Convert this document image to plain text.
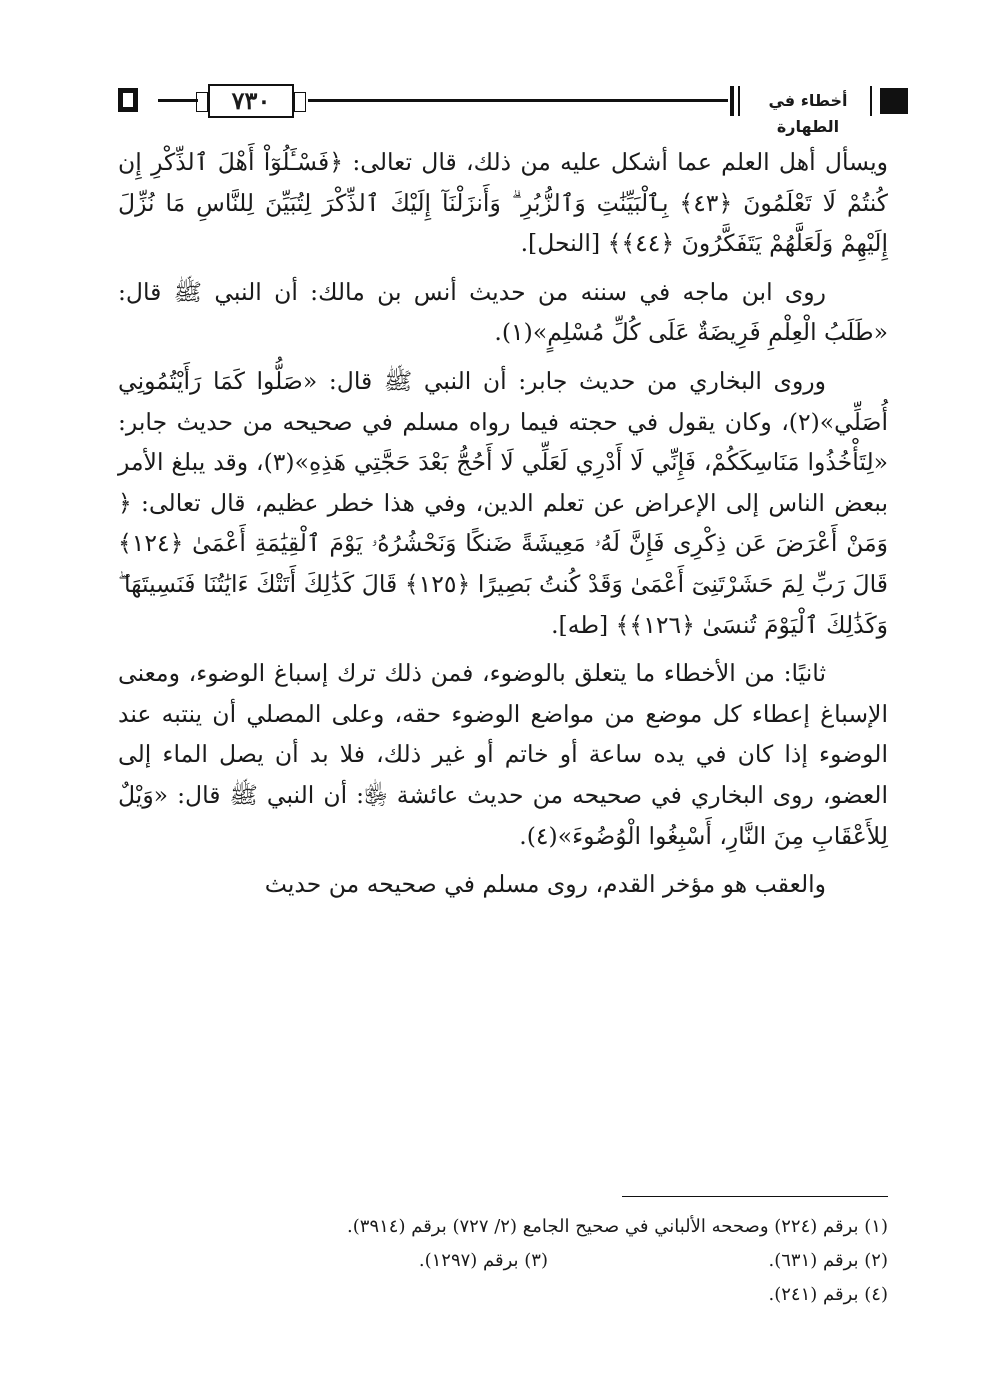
٧٣٠	أخطاء في الطهارة

ويسأل أهل العلم عما أشكل عليه من ذلك، قال تعالى: ﴿فَسْـَٔلُوٓاْ أَهْلَ ٱلذِّكْرِ إِن كُنتُمْ لَا تَعْلَمُونَ ﴿٤٣﴾ بِٱلْبَيِّنَٰتِ وَٱلزُّبُرِ ۗ وَأَنزَلْنَآ إِلَيْكَ ٱلذِّكْرَ لِتُبَيِّنَ لِلنَّاسِ مَا نُزِّلَ إِلَيْهِمْ وَلَعَلَّهُمْ يَتَفَكَّرُونَ ﴿٤٤﴾﴾ [النحل].

روى ابن ماجه في سننه من حديث أنس بن مالك: أن النبي ﷺ قال: «طَلَبُ الْعِلْمِ فَرِيضَةٌ عَلَى كُلِّ مُسْلِمٍ»(١).

وروى البخاري من حديث جابر: أن النبي ﷺ قال: «صَلُّوا كَمَا رَأَيْتُمُونِي أُصَلِّي»(٢)، وكان يقول في حجته فيما رواه مسلم في صحيحه من حديث جابر: «لِتَأْخُذُوا مَنَاسِكَكُمْ، فَإِنِّي لَا أَدْرِي لَعَلِّي لَا أَحُجُّ بَعْدَ حَجَّتِي هَذِهِ»(٣)، وقد يبلغ الأمر ببعض الناس إلى الإعراض عن تعلم الدين، وفي هذا خطر عظيم، قال تعالى: ﴿ وَمَنْ أَعْرَضَ عَن ذِكْرِى فَإِنَّ لَهُۥ مَعِيشَةً ضَنكًا وَنَحْشُرُهُۥ يَوْمَ ٱلْقِيَٰمَةِ أَعْمَىٰ ﴿١٢٤﴾ قَالَ رَبِّ لِمَ حَشَرْتَنِىٓ أَعْمَىٰ وَقَدْ كُنتُ بَصِيرًا ﴿١٢٥﴾ قَالَ كَذَٰلِكَ أَتَتْكَ ءَايَٰتُنَا فَنَسِيتَهَا ۖ وَكَذَٰلِكَ ٱلْيَوْمَ تُنسَىٰ ﴿١٢٦﴾﴾ [طه].

ثانيًا: من الأخطاء ما يتعلق بالوضوء، فمن ذلك ترك إسباغ الوضوء، ومعنى الإسباغ إعطاء كل موضع من مواضع الوضوء حقه، وعلى المصلي أن ينتبه عند الوضوء إذا كان في يده ساعة أو خاتم أو غير ذلك، فلا بد أن يصل الماء إلى العضو، روى البخاري في صحيحه من حديث عائشة ﵂: أن النبي ﷺ قال: «وَيْلٌ لِلأَعْقَابِ مِنَ النَّارِ، أَسْبِغُوا الْوُضُوءَ»(٤).

والعقب هو مؤخر القدم، روى مسلم في صحيحه من حديث

(١) برقم (٢٢٤) وصححه الألباني في صحيح الجامع (٢/ ٧٢٧) برقم (٣٩١٤).

(٢) برقم (٦٣١).
(٣) برقم (١٢٩٧).

(٤) برقم (٢٤١).
